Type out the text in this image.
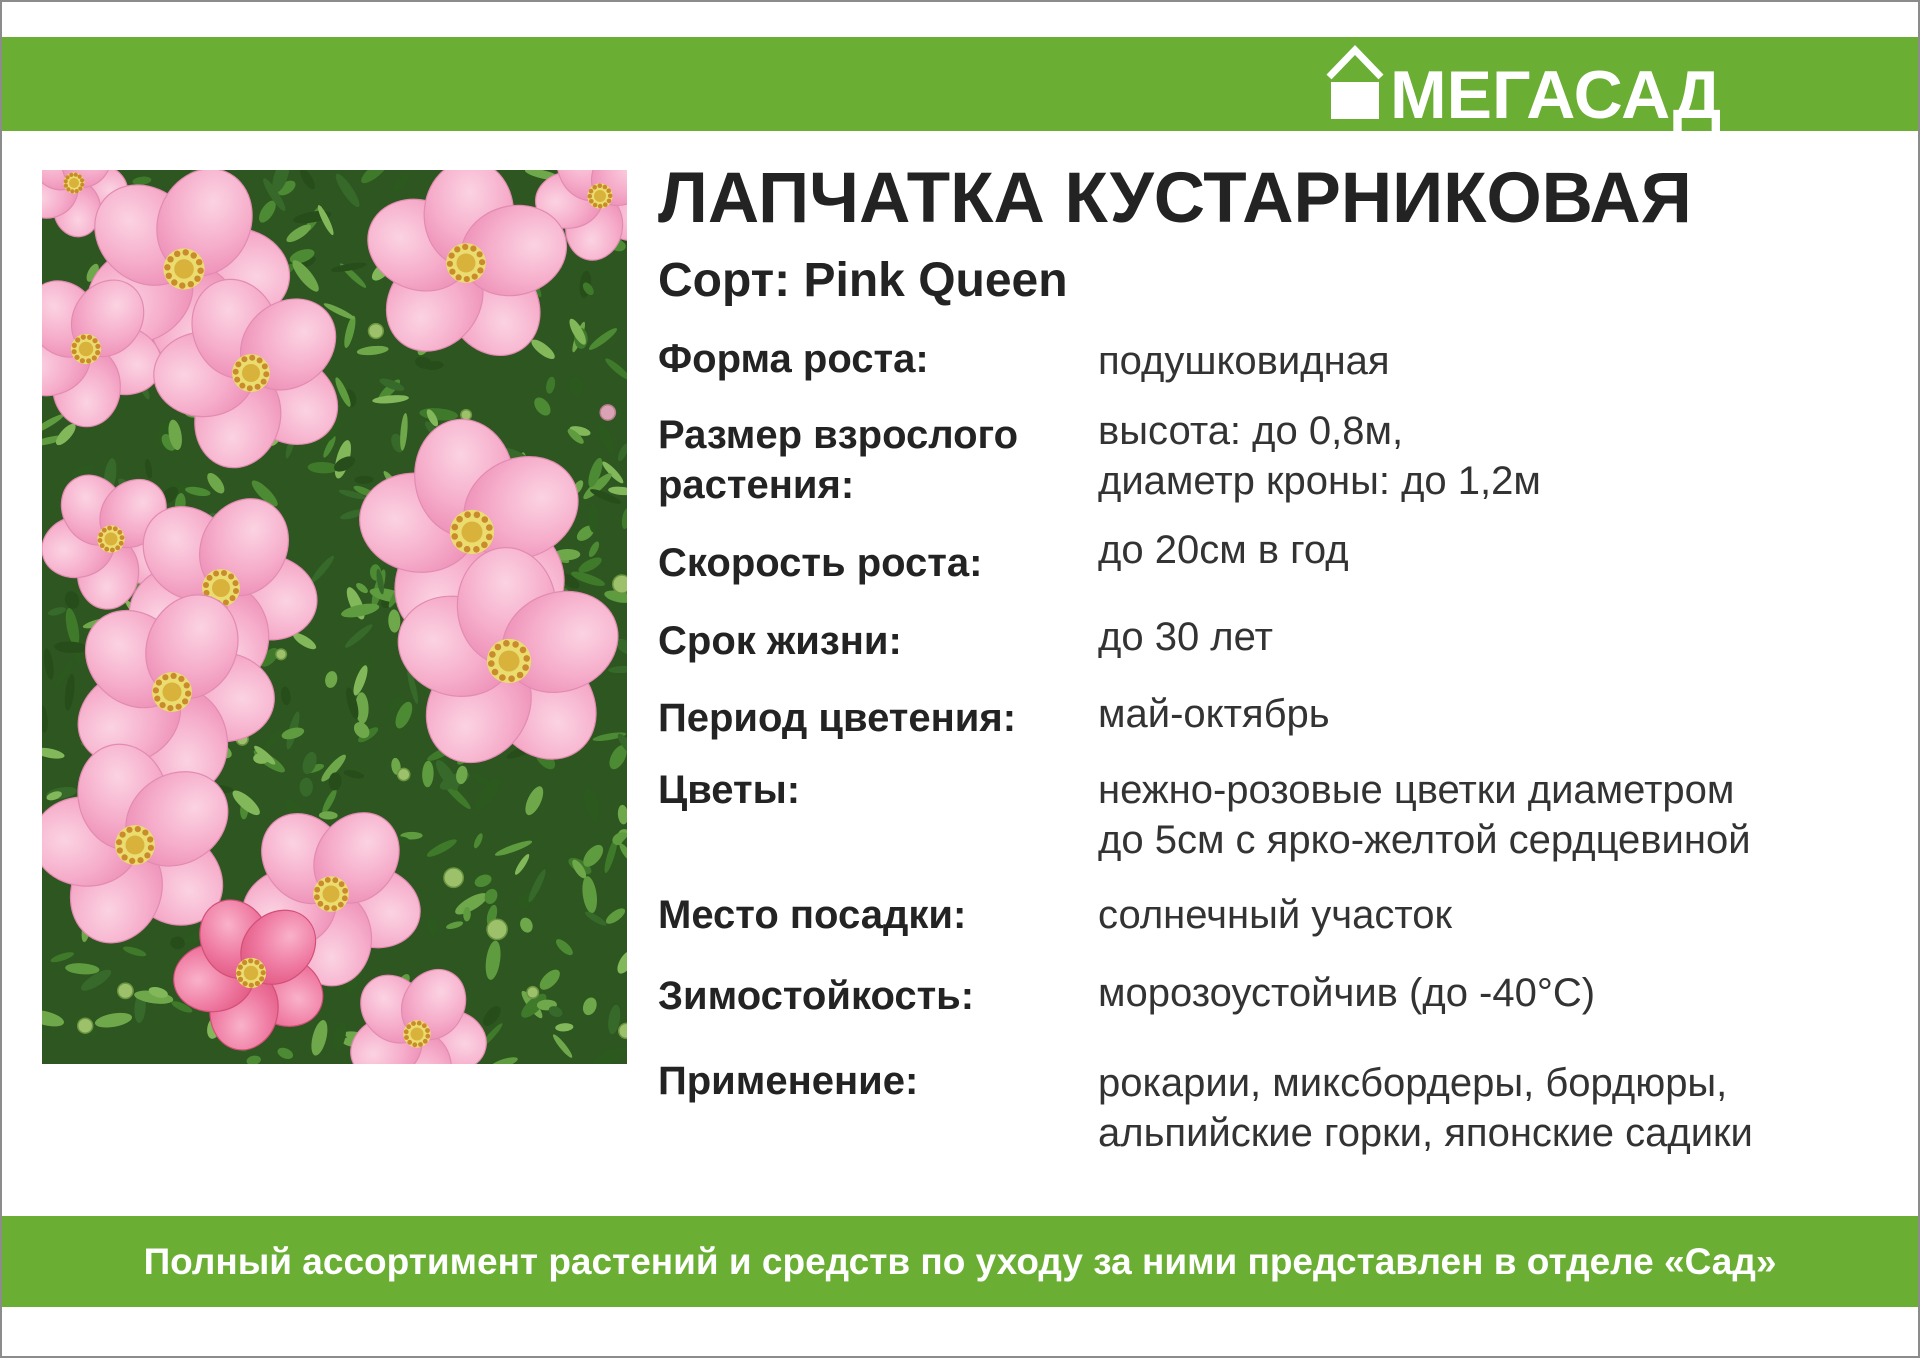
МЕГАСАД
ЛАПЧАТКА КУСТАРНИКОВАЯ
Сорт: Pink Queen
Форма роста:	подушковидная
Размер взрослого
растения:
высота: до 0,8м,
диаметр кроны: до 1,2м
Скорость роста:	до 20см в год
Срок жизни:	до 30 лет
Период цветения: май-октябрь
Цветы:	нежно-розовые цветки диаметром
до 5см с ярко-желтой сердцевиной
Место посадки:	солнечный участок
Зимостойкость:	морозоустойчив (до -40°С)
Применение:	рокарии, миксбордеры, бордюры,
альпийские горки, японские садики
Полный ассортимент растений и средств по уходу за ними представлен в отделе «Сад»
